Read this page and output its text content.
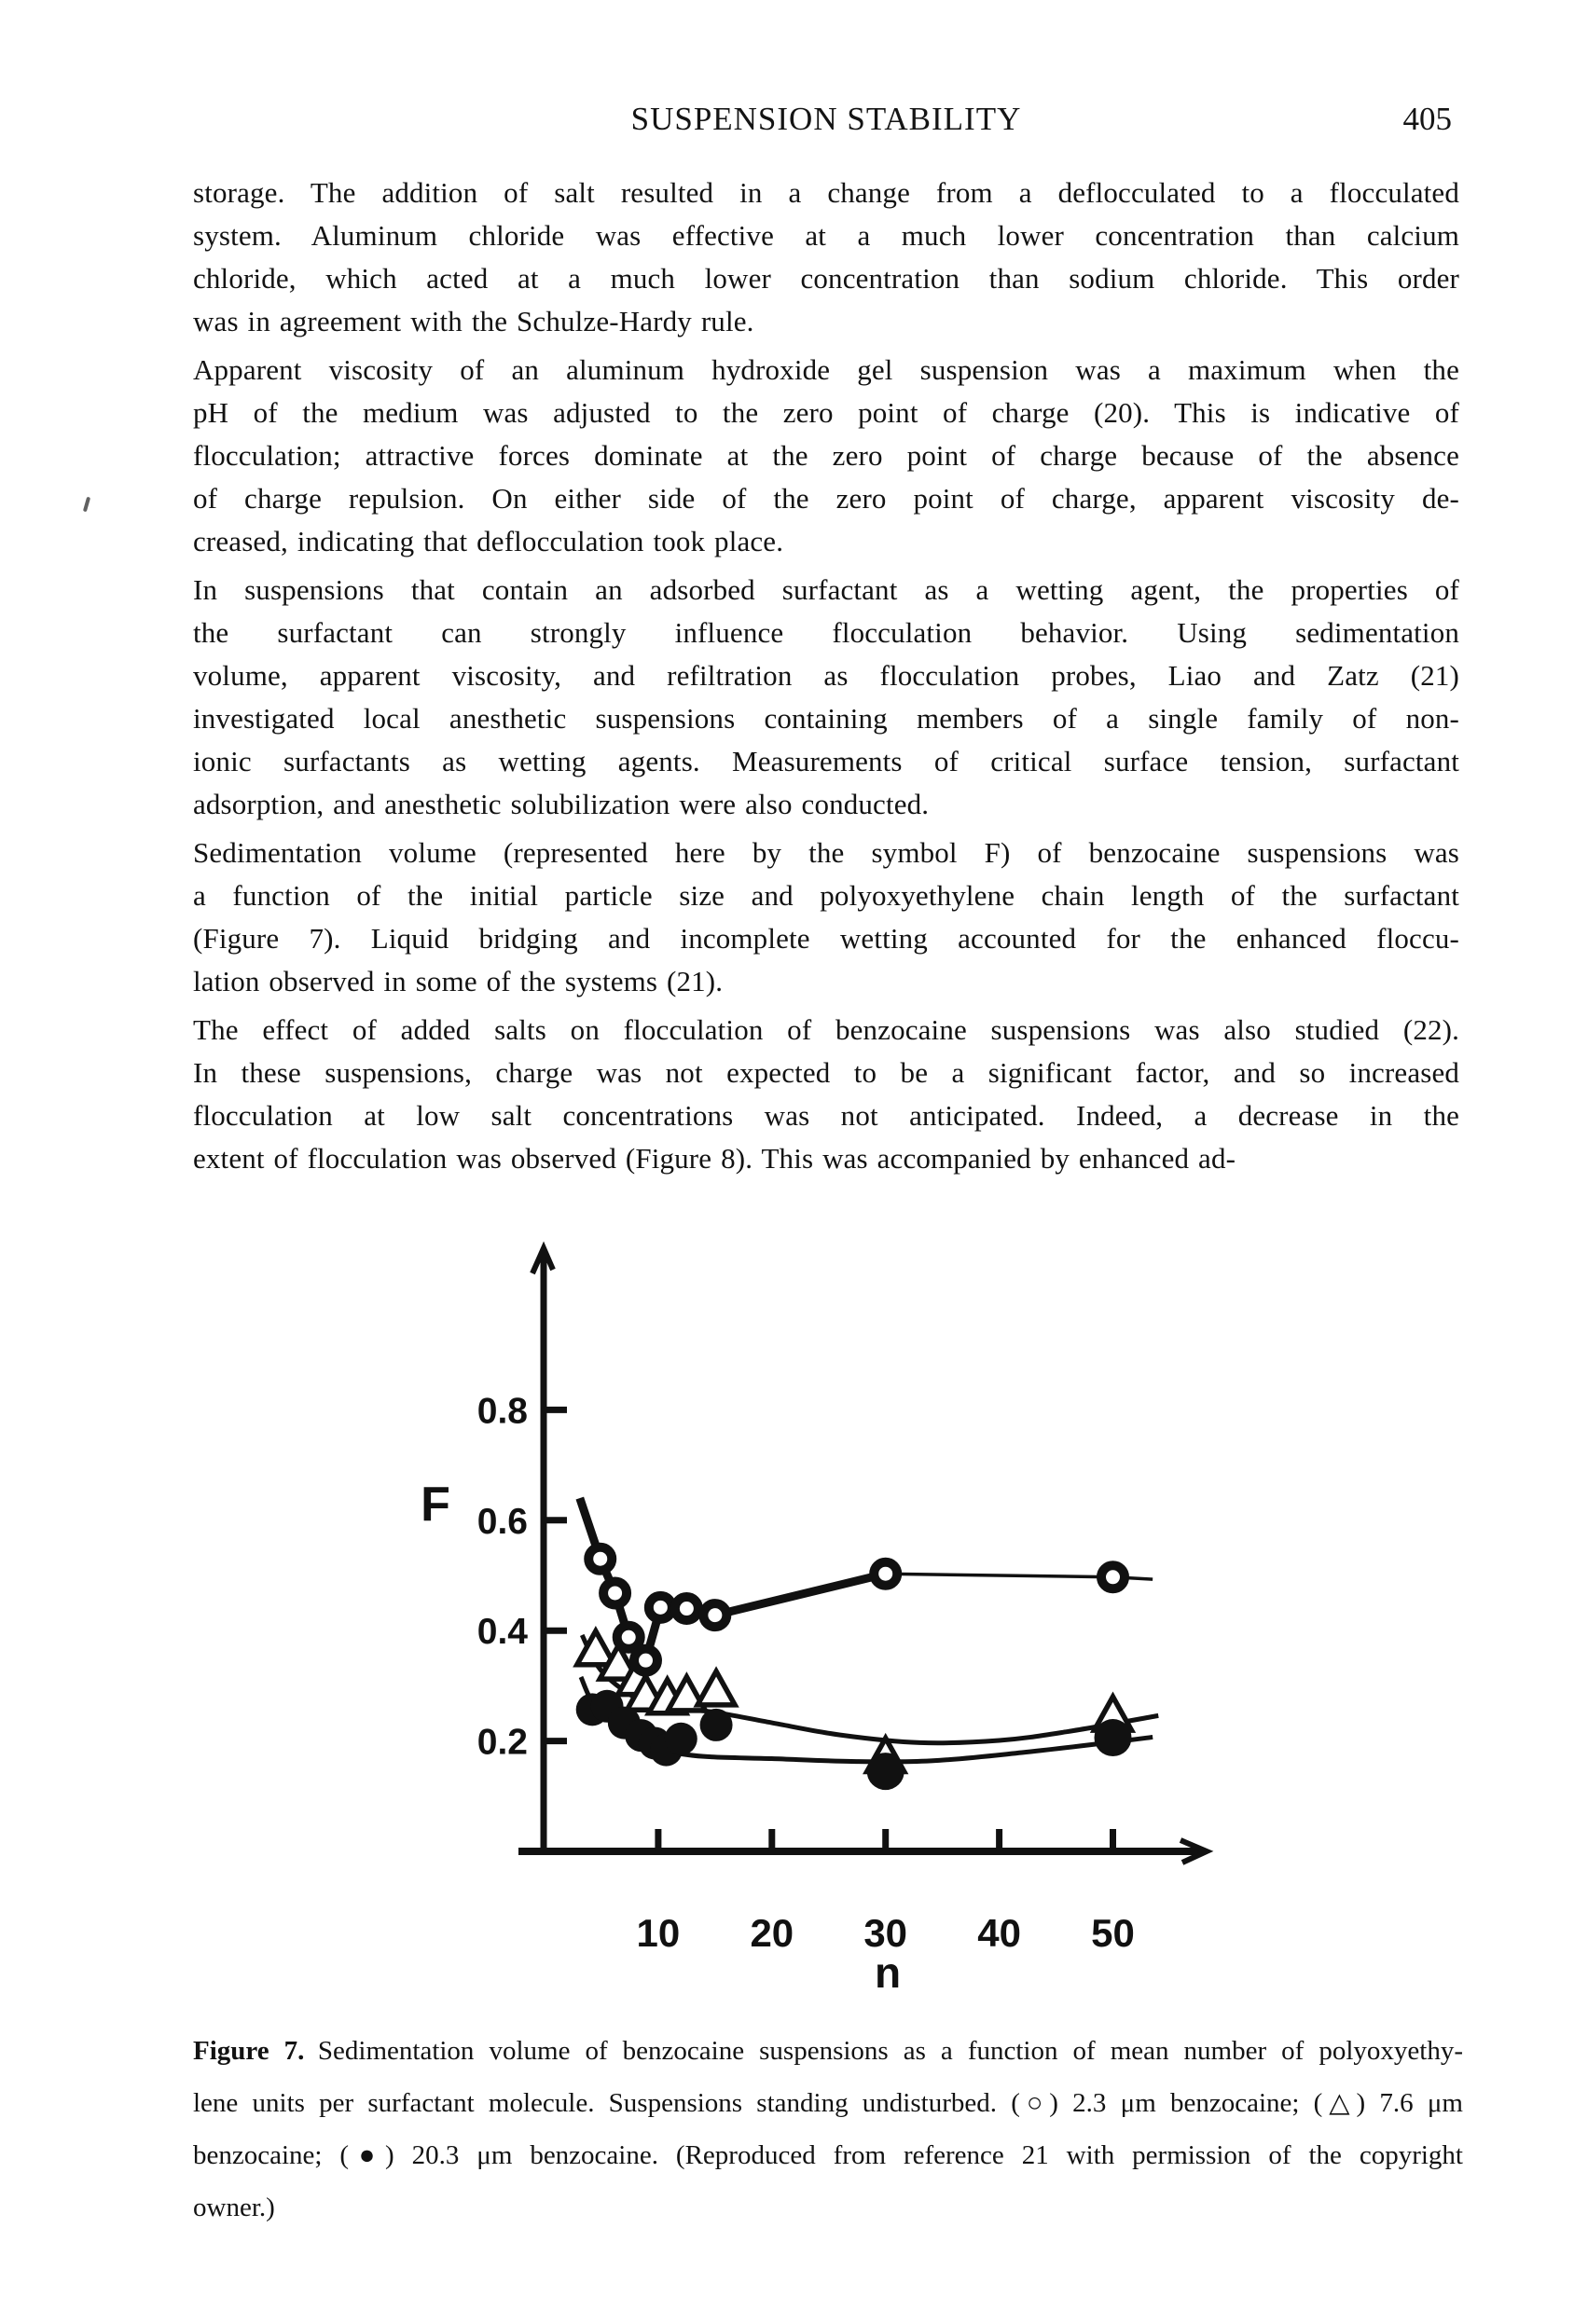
SUSPENSION STABILITY	405
storage. The addition of salt resulted in a change from a deflocculated to a flocculated
system. Aluminum chloride was effective at a much lower concentration than calcium
chloride, which acted at a much lower concentration than sodium chloride. This order
was in agreement with the Schulze-Hardy rule.
Apparent viscosity of an aluminum hydroxide gel suspension was a maximum when the
pH of the medium was adjusted to the zero point of charge (20). This is indicative of
flocculation; attractive forces dominate at the zero point of charge because of the absence
of charge repulsion. On either side of the zero point of charge, apparent viscosity de-
creased, indicating that deflocculation took place.
In suspensions that contain an adsorbed surfactant as a wetting agent, the properties of
the surfactant can strongly influence flocculation behavior. Using sedimentation
volume, apparent viscosity, and refiltration as flocculation probes, Liao and Zatz (21)
investigated local anesthetic suspensions containing members of a single family of non-
ionic surfactants as wetting agents. Measurements of critical surface tension, surfactant
adsorption, and anesthetic solubilization were also conducted.
Sedimentation volume (represented here by the symbol F) of benzocaine suspensions was
a function of the initial particle size and polyoxyethylene chain length of the surfactant
(Figure 7). Liquid bridging and incomplete wetting accounted for the enhanced floccu-
lation observed in some of the systems (21).
The effect of added salts on flocculation of benzocaine suspensions was also studied (22).
In these suspensions, charge was not expected to be a significant factor, and so increased
flocculation at low salt concentrations was not anticipated. Indeed, a decrease in the
extent of flocculation was observed (Figure 8). This was accompanied by enhanced ad-
0.8
0.6
0.4
0.2
10 20 30 40 50
F
n
Figure 7. Sedimentation volume of benzocaine suspensions as a function of mean number of polyoxyethy-
lene units per surfactant molecule. Suspensions standing undisturbed. (○) 2.3 μm benzocaine; (△) 7.6 μm
benzocaine; (●) 20.3 μm benzocaine. (Reproduced from reference 21 with permission of the copyright
owner.)
